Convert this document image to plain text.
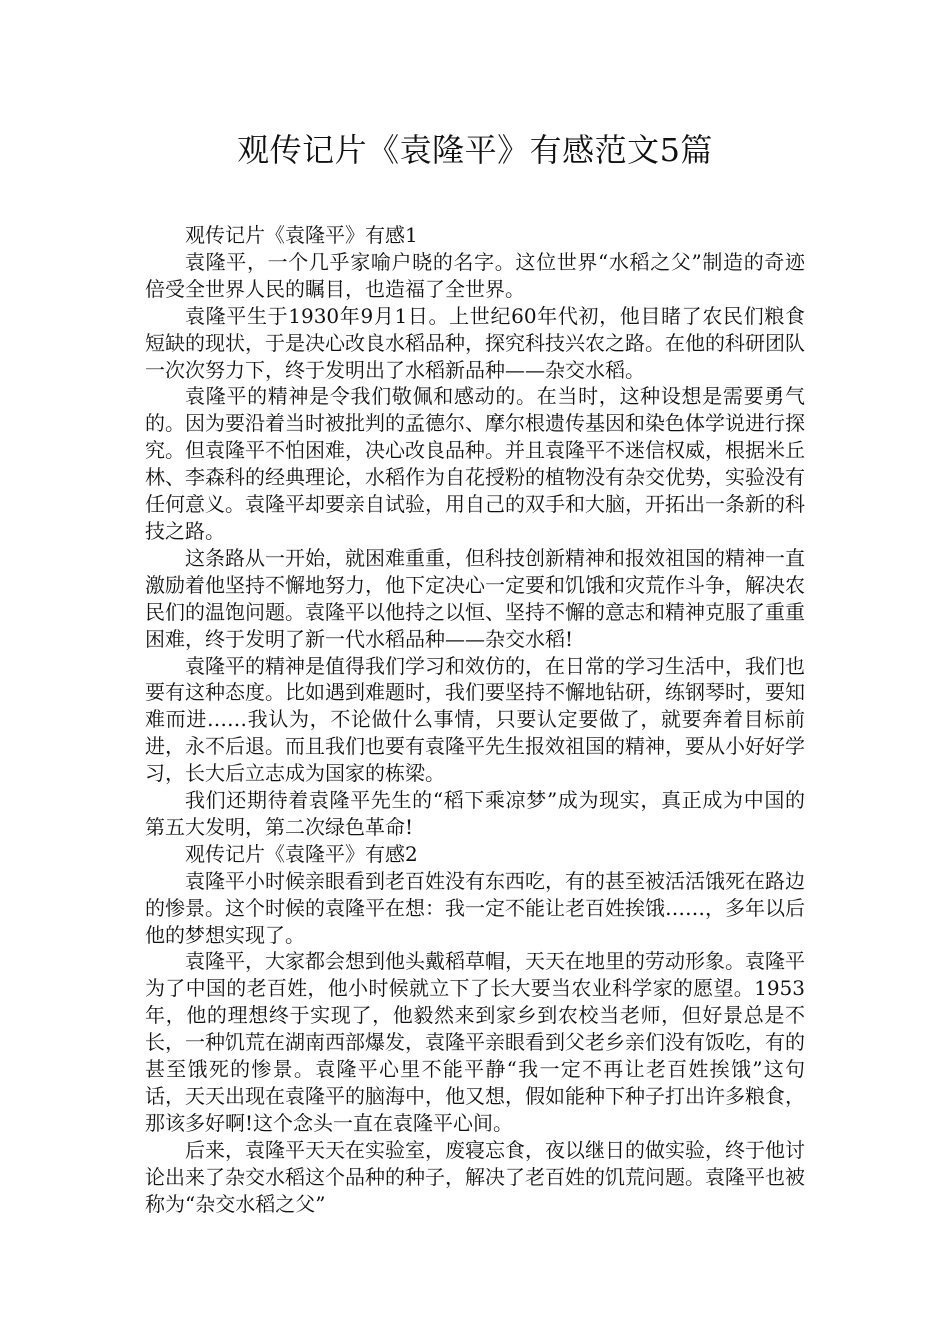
观传记片《袁隆平》有感范文5篇

观传记片《袁隆平》有感1

袁隆平，一个几乎家喻户晓的名字。这位世界“水稻之父”制造的奇迹倍受全世界人民的瞩目，也造福了全世界。

袁隆平生于1930年9月1日。上世纪60年代初，他目睹了农民们粮食短缺的现状，于是决心改良水稻品种，探究科技兴农之路。在他的科研团队一次次努力下，终于发明出了水稻新品种——杂交水稻。

袁隆平的精神是令我们敬佩和感动的。在当时，这种设想是需要勇气的。因为要沿着当时被批判的孟德尔、摩尔根遗传基因和染色体学说进行探究。但袁隆平不怕困难，决心改良品种。并且袁隆平不迷信权威，根据米丘林、李森科的经典理论，水稻作为自花授粉的植物没有杂交优势，实验没有任何意义。袁隆平却要亲自试验，用自己的双手和大脑，开拓出一条新的科技之路。

这条路从一开始，就困难重重，但科技创新精神和报效祖国的精神一直激励着他坚持不懈地努力，他下定决心一定要和饥饿和灾荒作斗争，解决农民们的温饱问题。袁隆平以他持之以恒、坚持不懈的意志和精神克服了重重困难，终于发明了新一代水稻品种——杂交水稻!

袁隆平的精神是值得我们学习和效仿的，在日常的学习生活中，我们也要有这种态度。比如遇到难题时，我们要坚持不懈地钻研，练钢琴时，要知难而进……我认为，不论做什么事情，只要认定要做了，就要奔着目标前进，永不后退。而且我们也要有袁隆平先生报效祖国的精神，要从小好好学习，长大后立志成为国家的栋梁。

我们还期待着袁隆平先生的“稻下乘凉梦”成为现实，真正成为中国的第五大发明，第二次绿色革命!

观传记片《袁隆平》有感2

袁隆平小时候亲眼看到老百姓没有东西吃，有的甚至被活活饿死在路边的惨景。这个时候的袁隆平在想：我一定不能让老百姓挨饿……，多年以后他的梦想实现了。

袁隆平，大家都会想到他头戴稻草帽，天天在地里的劳动形象。袁隆平为了中国的老百姓，他小时候就立下了长大要当农业科学家的愿望。1953年，他的理想终于实现了，他毅然来到家乡到农校当老师，但好景总是不长，一种饥荒在湖南西部爆发，袁隆平亲眼看到父老乡亲们没有饭吃，有的甚至饿死的惨景。袁隆平心里不能平静“我一定不再让老百姓挨饿”这句话，天天出现在袁隆平的脑海中，他又想，假如能种下种子打出许多粮食，那该多好啊!这个念头一直在袁隆平心间。

后来，袁隆平天天在实验室，废寝忘食，夜以继日的做实验，终于他讨论出来了杂交水稻这个品种的种子，解决了老百姓的饥荒问题。袁隆平也被称为“杂交水稻之父”
